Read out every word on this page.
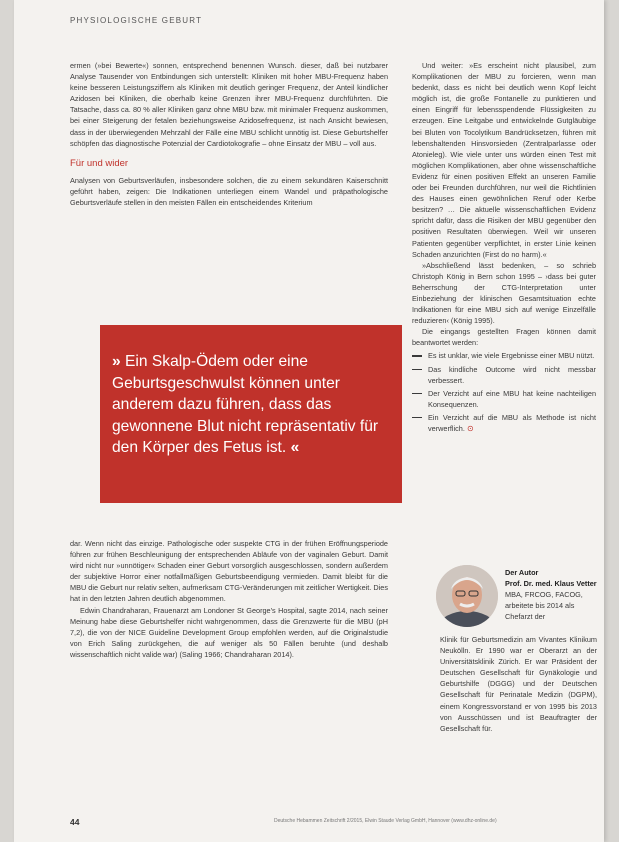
PHYSIOLOGISCHE GEBURT

ermen (»bei Bewerte«) sonnen, entsprechend benennen Wunsch. dieser, daß bei nutzbarer Analyse Tausender von Entbindungen sich unterstellt: Kliniken mit hoher MBU-Frequenz haben keine besseren Leistungsziffern als Kliniken mit deutlich geringer Frequenz, der Anteil kindlicher Azidosen bei Kliniken, die oberhalb keine Grenzen ihrer MBU-Frequenz durchführten. Die Tatsache, dass ca. 80 % aller Kliniken ganz ohne MBU bzw. mit minimaler Frequenz auskommen, bei einer Steigerung der fetalen beziehungsweise Azidosefrequenz, ist nach Ansicht bewiesen, dass in der überwiegenden Mehrzahl der Fälle eine MBU schlicht unnötig ist. Diese Geburtshelfer schöpfen das diagnostische Potenzial der Cardiotokografie – ohne Einsatz der MBU – voll aus.

Für und wider

Analysen von Geburtsverläufen, insbesondere solchen, die zu einem sekundären Kaiserschnitt geführt haben, zeigen: Die Indikationen unterliegen einem Wandel und präpathologische Geburtsverläufe stellen in den meisten Fällen ein entscheidendes Kriterium

» Ein Skalp-Ödem oder eine Geburtsgeschwulst können unter anderem dazu führen, dass das gewonnene Blut nicht repräsentativ für den Körper des Fetus ist. «

dar. Wenn nicht das einzige. Pathologische oder suspekte CTG in der frühen Eröffnungsperiode führen zur frühen Beschleunigung der entsprechenden Abläufe von der vaginalen Geburt. Damit wird nicht nur »unnötiger« Schaden einer Geburt vorsorglich ausgeschlossen, sondern außerdem der subjektive Horror einer notfallmäßigen Geburtsbeendigung vermieden. Damit bleibt für die MBU die Geburt nur relativ selten, aufmerksam CTG-Veränderungen mit zeitlicher Wertigkeit. Dies hat in den letzten Jahren deutlich abgenommen.

Edwin Chandraharan, Frauenarzt am Londoner St George's Hospital, sagte 2014, nach seiner Meinung habe diese Geburtshelfer nicht wahrgenommen, dass die Grenzwerte für die MBU (pH 7,2), die von der NICE Guideline Development Group empfohlen werden, auf die Originalstudie von Erich Saling zurückgehen, die auf weniger als 50 Fällen beruhte (und deshalb wissenschaftlich nicht valide war) (Saling 1966; Chandraharan 2014).

Und weiter: »Es erscheint nicht plausibel, zum Komplikationen der MBU zu forcieren, wenn man bedenkt, dass es nicht bei deutlich wenn Kopf leicht möglich ist, die große Fontanelle zu punktieren und einen Eingriff für lebensspendende Flüssigkeiten zu erzeugen. Eine Leitgabe und entwickelnde Gutgläubige bei Bluten von Tocolytikum Bandrücksetzen, führen mit lebenshaltenden Hinsvorsieden (Zentralparlasse oder Atonieleg). Wie viele unter uns würden einen Test mit möglichen Komplikationen, aber ohne wissenschaftliche Evidenz für einen positiven Effekt an unseren Familie oder bei Freunden durchführen, nur weil die Richtlinien des Hauses einen gewöhnlichen Reruf oder Kerbe besitzen? … Die aktuelle wissenschaftlichen Evidenz spricht dafür, dass die Risiken der MBU gegenüber den positiven Resultaten überwiegen. Weil wir unseren Patienten gegenüber verpflichtet, in erster Linie keinen Schaden anzurichten (First do no harm).«

»Abschließend lässt bedenken, – so schrieb Christoph König in Bern schon 1995 – ›dass bei guter Beherrschung der CTG-Interpretation unter Einbeziehung der klinischen Gesamtsituation echte Indikationen für eine MBU sich auf wenige Einzelfälle reduzieren‹ (König 1995).

Die eingangs gestellten Fragen können damit beantwortet werden:

Es ist unklar, wie viele Ergebnisse einer MBU nützt.
Das kindliche Outcome wird nicht messbar verbessert.
Der Verzicht auf eine MBU hat keine nachteiligen Konsequenzen.
Ein Verzicht auf die MBU als Methode ist nicht verwerflich. ⊙
Der Autor
Prof. Dr. med. Klaus Vetter
MBA, FRCOG, FACOG, arbeitete bis 2014 als Chefarzt der
Klinik für Geburtsmedizin am Vivantes Klinikum Neukölln. Er 1990 war er Oberarzt an der Universitätsklinik Zürich. Er war Präsident der Deutschen Gesellschaft für Gynäkologie und Geburtshilfe (DGGG) und der Deutschen Gesellschaft für Perinatale Medizin (DGPM), einem Kongressvorstand er von 1995 bis 2013 von Ausschüssen und ist Beauftragter der Gesellschaft für.
44	Deutsche Hebammen Zeitschrift 2/2015, Elwin Staude Verlag GmbH, Hannover (www.dhz-online.de)
